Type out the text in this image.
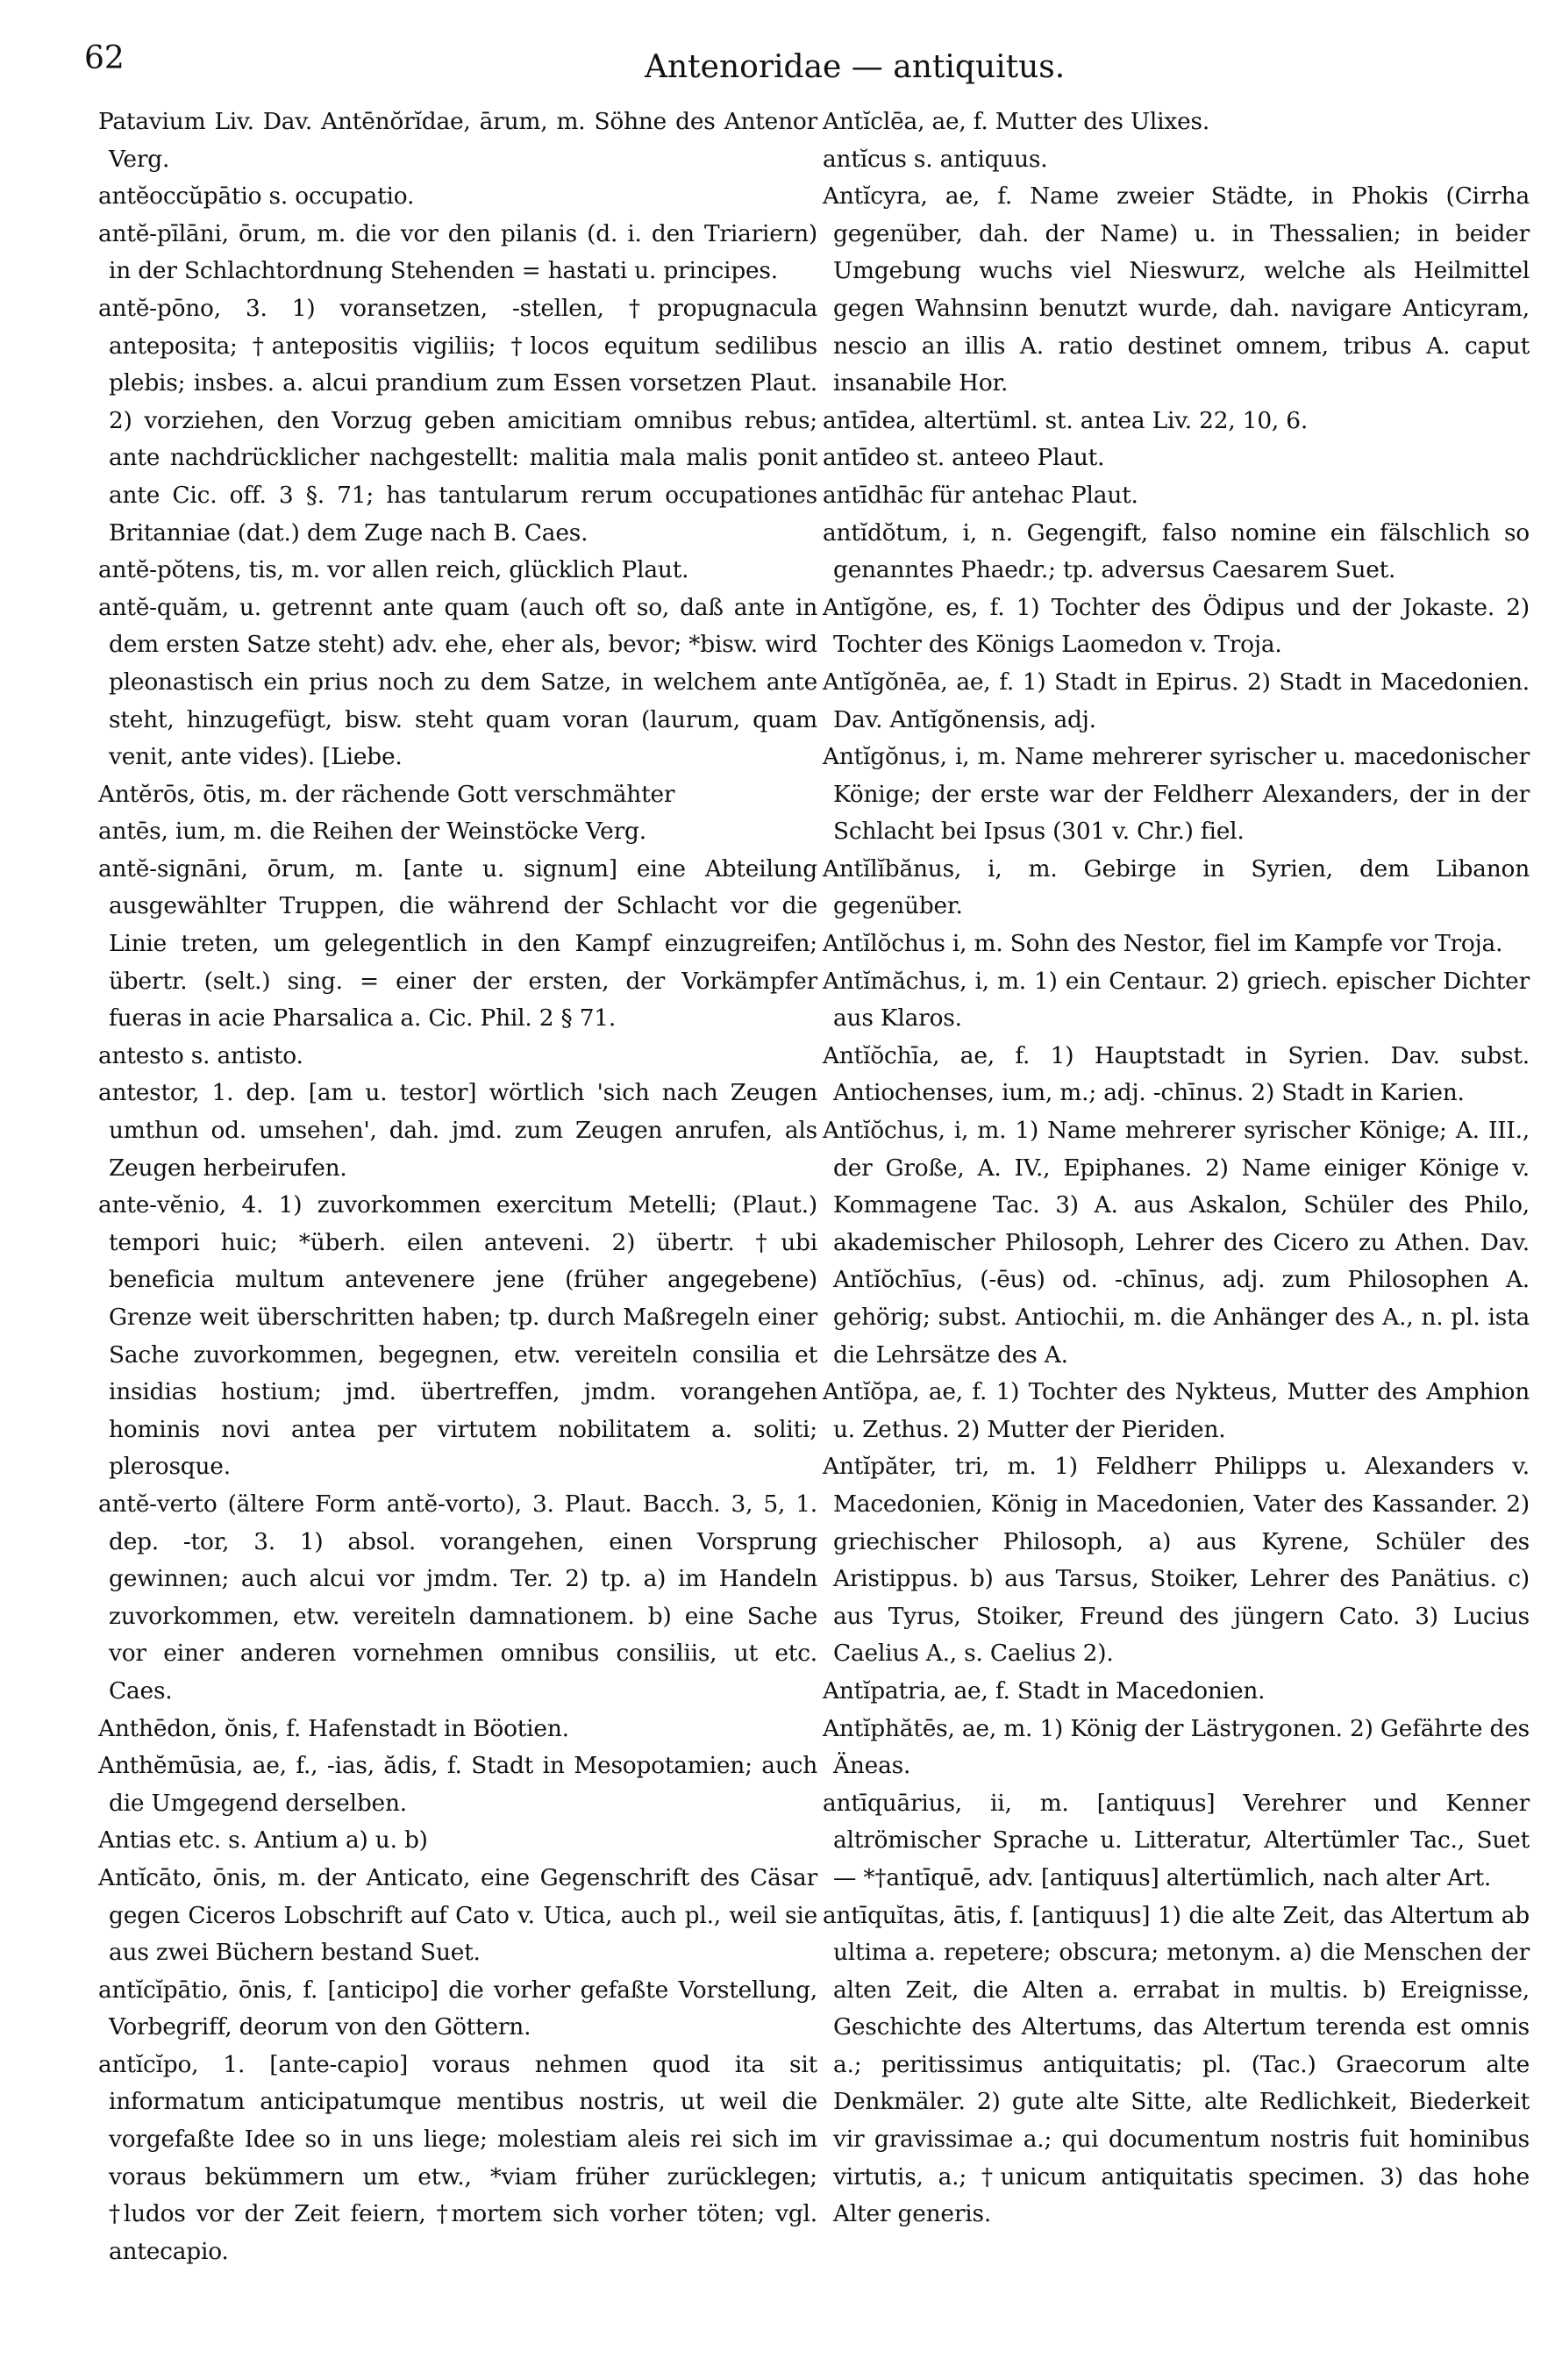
62	Antenoridae — antiquitus.

Patavium Liv. Dav. Antēnŏrĭdae, ārum, m. Söhne des Antenor Verg.

antĕoccŭpātio s. occupatio.

antĕ-pīlāni, ōrum, m. die vor den pilanis (d. i. den Triariern) in der Schlachtordnung Stehenden = hastati u. principes.

antĕ-pōno, 3. 1) voransetzen, -stellen, †propugnacula anteposita; †antepositis vigiliis; †locos equitum sedilibus plebis; insbes. a. alcui prandium zum Essen vorsetzen Plaut. 2) vorziehen, den Vorzug geben amicitiam omnibus rebus; ante nachdrücklicher nachgestellt: malitia mala malis ponit ante Cic. off. 3 §. 71; has tantularum rerum occupationes Britanniae (dat.) dem Zuge nach B. Caes.

antĕ-pŏtens, tis, m. vor allen reich, glücklich Plaut.

antĕ-quăm, u. getrennt ante quam (auch oft so, daß ante in dem ersten Satze steht) adv. ehe, eher als, bevor; *bisw. wird pleonastisch ein prius noch zu dem Satze, in welchem ante steht, hinzugefügt, bisw. steht quam voran (laurum, quam venit, ante vides). [Liebe.

Antĕrōs, ōtis, m. der rächende Gott verschmähter

antēs, ium, m. die Reihen der Weinstöcke Verg.

antĕ-signāni, ōrum, m. [ante u. signum] eine Abteilung ausgewählter Truppen, die während der Schlacht vor die Linie treten, um gelegentlich in den Kampf einzugreifen; übertr. (selt.) sing. = einer der ersten, der Vorkämpfer fueras in acie Pharsalica a. Cic. Phil. 2 § 71.

antesto s. antisto.

antestor, 1. dep. [am u. testor] wörtlich 'sich nach Zeugen umthun od. umsehen', dah. jmd. zum Zeugen anrufen, als Zeugen herbeirufen.

ante-vĕnio, 4. 1) zuvorkommen exercitum Metelli; (Plaut.) tempori huic; *überh. eilen anteveni. 2) übertr. †ubi beneficia multum antevenere jene (früher angegebene) Grenze weit überschritten haben; tp. durch Maßregeln einer Sache zuvorkommen, begegnen, etw. vereiteln consilia et insidias hostium; jmd. übertreffen, jmdm. vorangehen hominis novi antea per virtutem nobilitatem a. soliti; plerosque.

antĕ-verto (ältere Form antĕ-vorto), 3. Plaut. Bacch. 3, 5, 1. dep. -tor, 3. 1) absol. vorangehen, einen Vorsprung gewinnen; auch alcui vor jmdm. Ter. 2) tp. a) im Handeln zuvorkommen, etw. vereiteln damnationem. b) eine Sache vor einer anderen vornehmen omnibus consiliis, ut etc. Caes.

Anthēdon, ŏnis, f. Hafenstadt in Böotien.

Anthĕmūsia, ae, f., -ias, ădis, f. Stadt in Mesopotamien; auch die Umgegend derselben.

Antias etc. s. Antium a) u. b)

Antĭcāto, ōnis, m. der Anticato, eine Gegenschrift des Cäsar gegen Ciceros Lobschrift auf Cato v. Utica, auch pl., weil sie aus zwei Büchern bestand Suet.

antĭcĭpātio, ōnis, f. [anticipo] die vorher gefaßte Vorstellung, Vorbegriff, deorum von den Göttern.

antĭcĭpo, 1. [ante-capio] voraus nehmen quod ita sit informatum anticipatumque mentibus nostris, ut weil die vorgefaßte Idee so in uns liege; molestiam aleis rei sich im voraus bekümmern um etw., *viam früher zurücklegen; †ludos vor der Zeit feiern, †mortem sich vorher töten; vgl. antecapio.

Antĭclēa, ae, f. Mutter des Ulixes.

antĭcus s. antiquus.

Antĭcyra, ae, f. Name zweier Städte, in Phokis (Cirrha gegenüber, dah. der Name) u. in Thessalien; in beider Umgebung wuchs viel Nieswurz, welche als Heilmittel gegen Wahnsinn benutzt wurde, dah. navigare Anticyram, nescio an illis A. ratio destinet omnem, tribus A. caput insanabile Hor.

antīdea, altertüml. st. antea Liv. 22, 10, 6.

antīdeo st. anteeo Plaut.

antīdhāc für antehac Plaut.

antĭdŏtum, i, n. Gegengift, falso nomine ein fälschlich so genanntes Phaedr.; tp. adversus Caesarem Suet.

Antĭgŏne, es, f. 1) Tochter des Ödipus und der Jokaste. 2) Tochter des Königs Laomedon v. Troja.

Antĭgŏnēa, ae, f. 1) Stadt in Epirus. 2) Stadt in Macedonien. Dav. Antĭgŏnensis, adj.

Antĭgŏnus, i, m. Name mehrerer syrischer u. macedonischer Könige; der erste war der Feldherr Alexanders, der in der Schlacht bei Ipsus (301 v. Chr.) fiel.

Antĭlĭbănus, i, m. Gebirge in Syrien, dem Libanon gegenüber.

Antĭlŏchus i, m. Sohn des Nestor, fiel im Kampfe vor Troja.

Antĭmăchus, i, m. 1) ein Centaur. 2) griech. epischer Dichter aus Klaros.

Antĭŏchīa, ae, f. 1) Hauptstadt in Syrien. Dav. subst. Antiochenses, ium, m.; adj. -chīnus. 2) Stadt in Karien.

Antĭŏchus, i, m. 1) Name mehrerer syrischer Könige; A. III., der Große, A. IV., Epiphanes. 2) Name einiger Könige v. Kommagene Tac. 3) A. aus Askalon, Schüler des Philo, akademischer Philosoph, Lehrer des Cicero zu Athen. Dav. Antĭŏchīus, (-ēus) od. -chīnus, adj. zum Philosophen A. gehörig; subst. Antiochii, m. die Anhänger des A., n. pl. ista die Lehrsätze des A.

Antĭŏpa, ae, f. 1) Tochter des Nykteus, Mutter des Amphion u. Zethus. 2) Mutter der Pieriden.

Antĭpăter, tri, m. 1) Feldherr Philipps u. Alexanders v. Macedonien, König in Macedonien, Vater des Kassander. 2) griechischer Philosoph, a) aus Kyrene, Schüler des Aristippus. b) aus Tarsus, Stoiker, Lehrer des Panätius. c) aus Tyrus, Stoiker, Freund des jüngern Cato. 3) Lucius Caelius A., s. Caelius 2).

Antĭpatria, ae, f. Stadt in Macedonien.

Antĭphătēs, ae, m. 1) König der Lästrygonen. 2) Gefährte des Äneas.

antīquārius, ii, m. [antiquus] Verehrer und Kenner altrömischer Sprache u. Litteratur, Altertümler Tac., Suet — *†antīquē, adv. [antiquus] altertümlich, nach alter Art.

antīquĭtas, ātis, f. [antiquus] 1) die alte Zeit, das Altertum ab ultima a. repetere; obscura; metonym. a) die Menschen der alten Zeit, die Alten a. errabat in multis. b) Ereignisse, Geschichte des Altertums, das Altertum terenda est omnis a.; peritissimus antiquitatis; pl. (Tac.) Graecorum alte Denkmäler. 2) gute alte Sitte, alte Redlichkeit, Biederkeit vir gravissimae a.; qui documentum nostris fuit hominibus virtutis, a.; †unicum antiquitatis specimen. 3) das hohe Alter generis.
